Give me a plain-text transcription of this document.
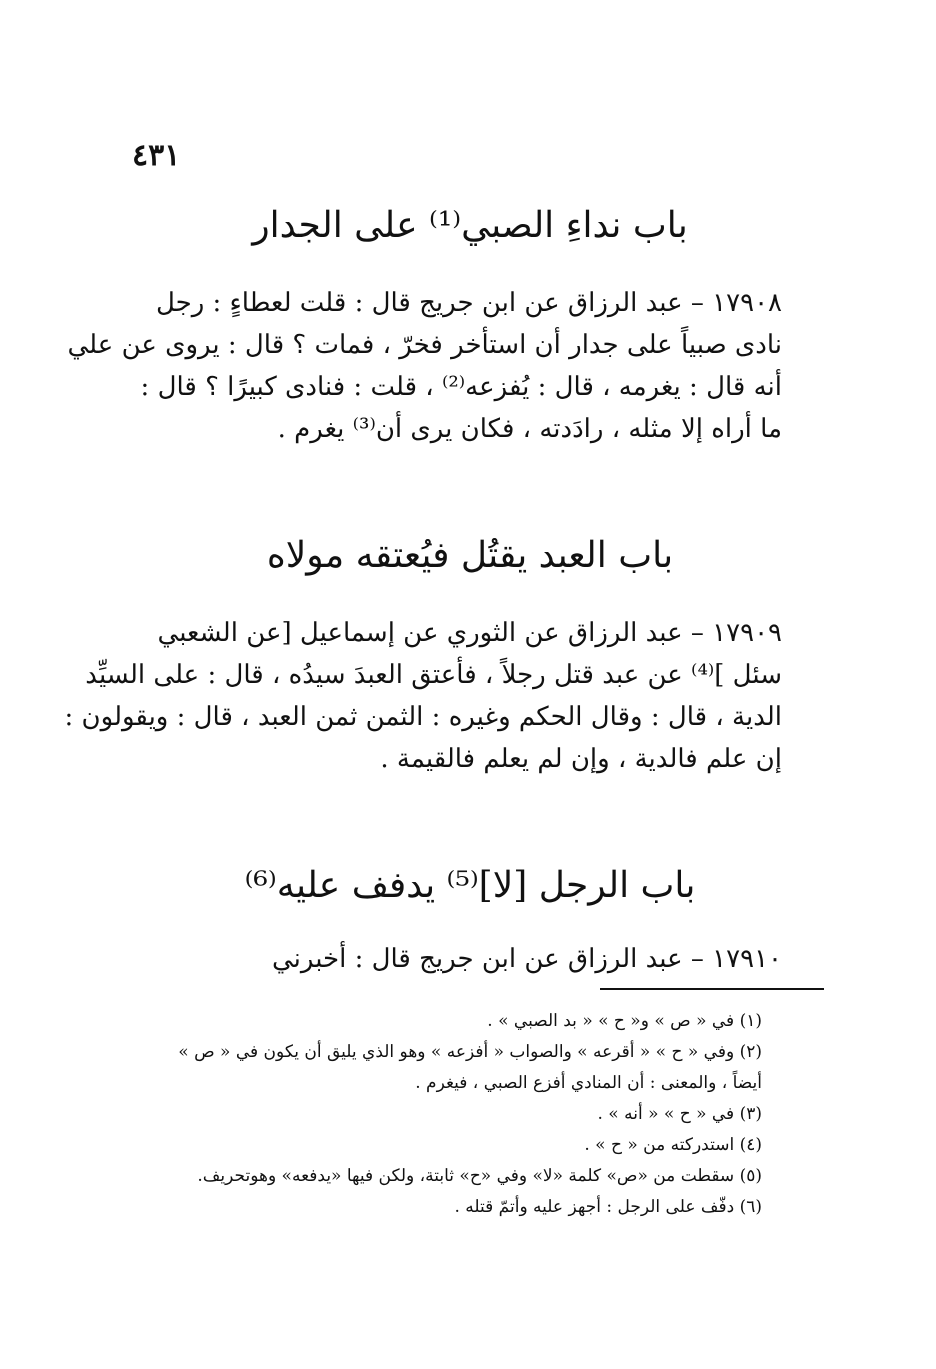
٤٣١
باب نداءِ الصبي⁽¹⁾ على الجدار
١٧٩٠٨ – عبد الرزاق عن ابن جريج قال : قلت لعطاءٍ : رجل
نادى صبياً على جدار أن استأخر فخرّ ، فمات ؟ قال : يروى عن علي
أنه قال : يغرمه ، قال : يُفزعه⁽²⁾ ، قلت : فنادى كبيرًا ؟ قال :
ما أراه إلا مثله ، رادَدته ، فكان يرى أن⁽³⁾ يغرم .
باب العبد يقتُل فيُعتقه مولاه
١٧٩٠٩ – عبد الرزاق عن الثوري عن إسماعيل [عن الشعبي
سئل ]⁽⁴⁾ عن عبد قتل رجلاً ، فأعتق العبدَ سيدُه ، قال : على السيِّد
الدية ، قال : وقال الحكم وغيره : الثمن ثمن العبد ، قال : ويقولون :
إن علم فالدية ، وإن لم يعلم فالقيمة .
باب الرجل [لا]⁽⁵⁾ يدفف عليه⁽⁶⁾
١٧٩١٠ – عبد الرزاق عن ابن جريج قال : أخبرني
(١) في « ص » و« ح » « بد الصبي » .
(٢) وفي « ح » « أقرعه » والصواب « أفزعه » وهو الذي يليق أن يكون في « ص »
أيضاً ، والمعنى : أن المنادي أفزع الصبي ، فيغرم .
(٣) في « ح » « أنه » .
(٤) استدركته من « ح » .
(٥) سقطت من «ص» كلمة «لا» وفي «ح» ثابتة، ولكن فيها «يدفعه» وهوتحريف.
(٦) دفّف على الرجل : أجهز عليه وأتمّ قتله .
